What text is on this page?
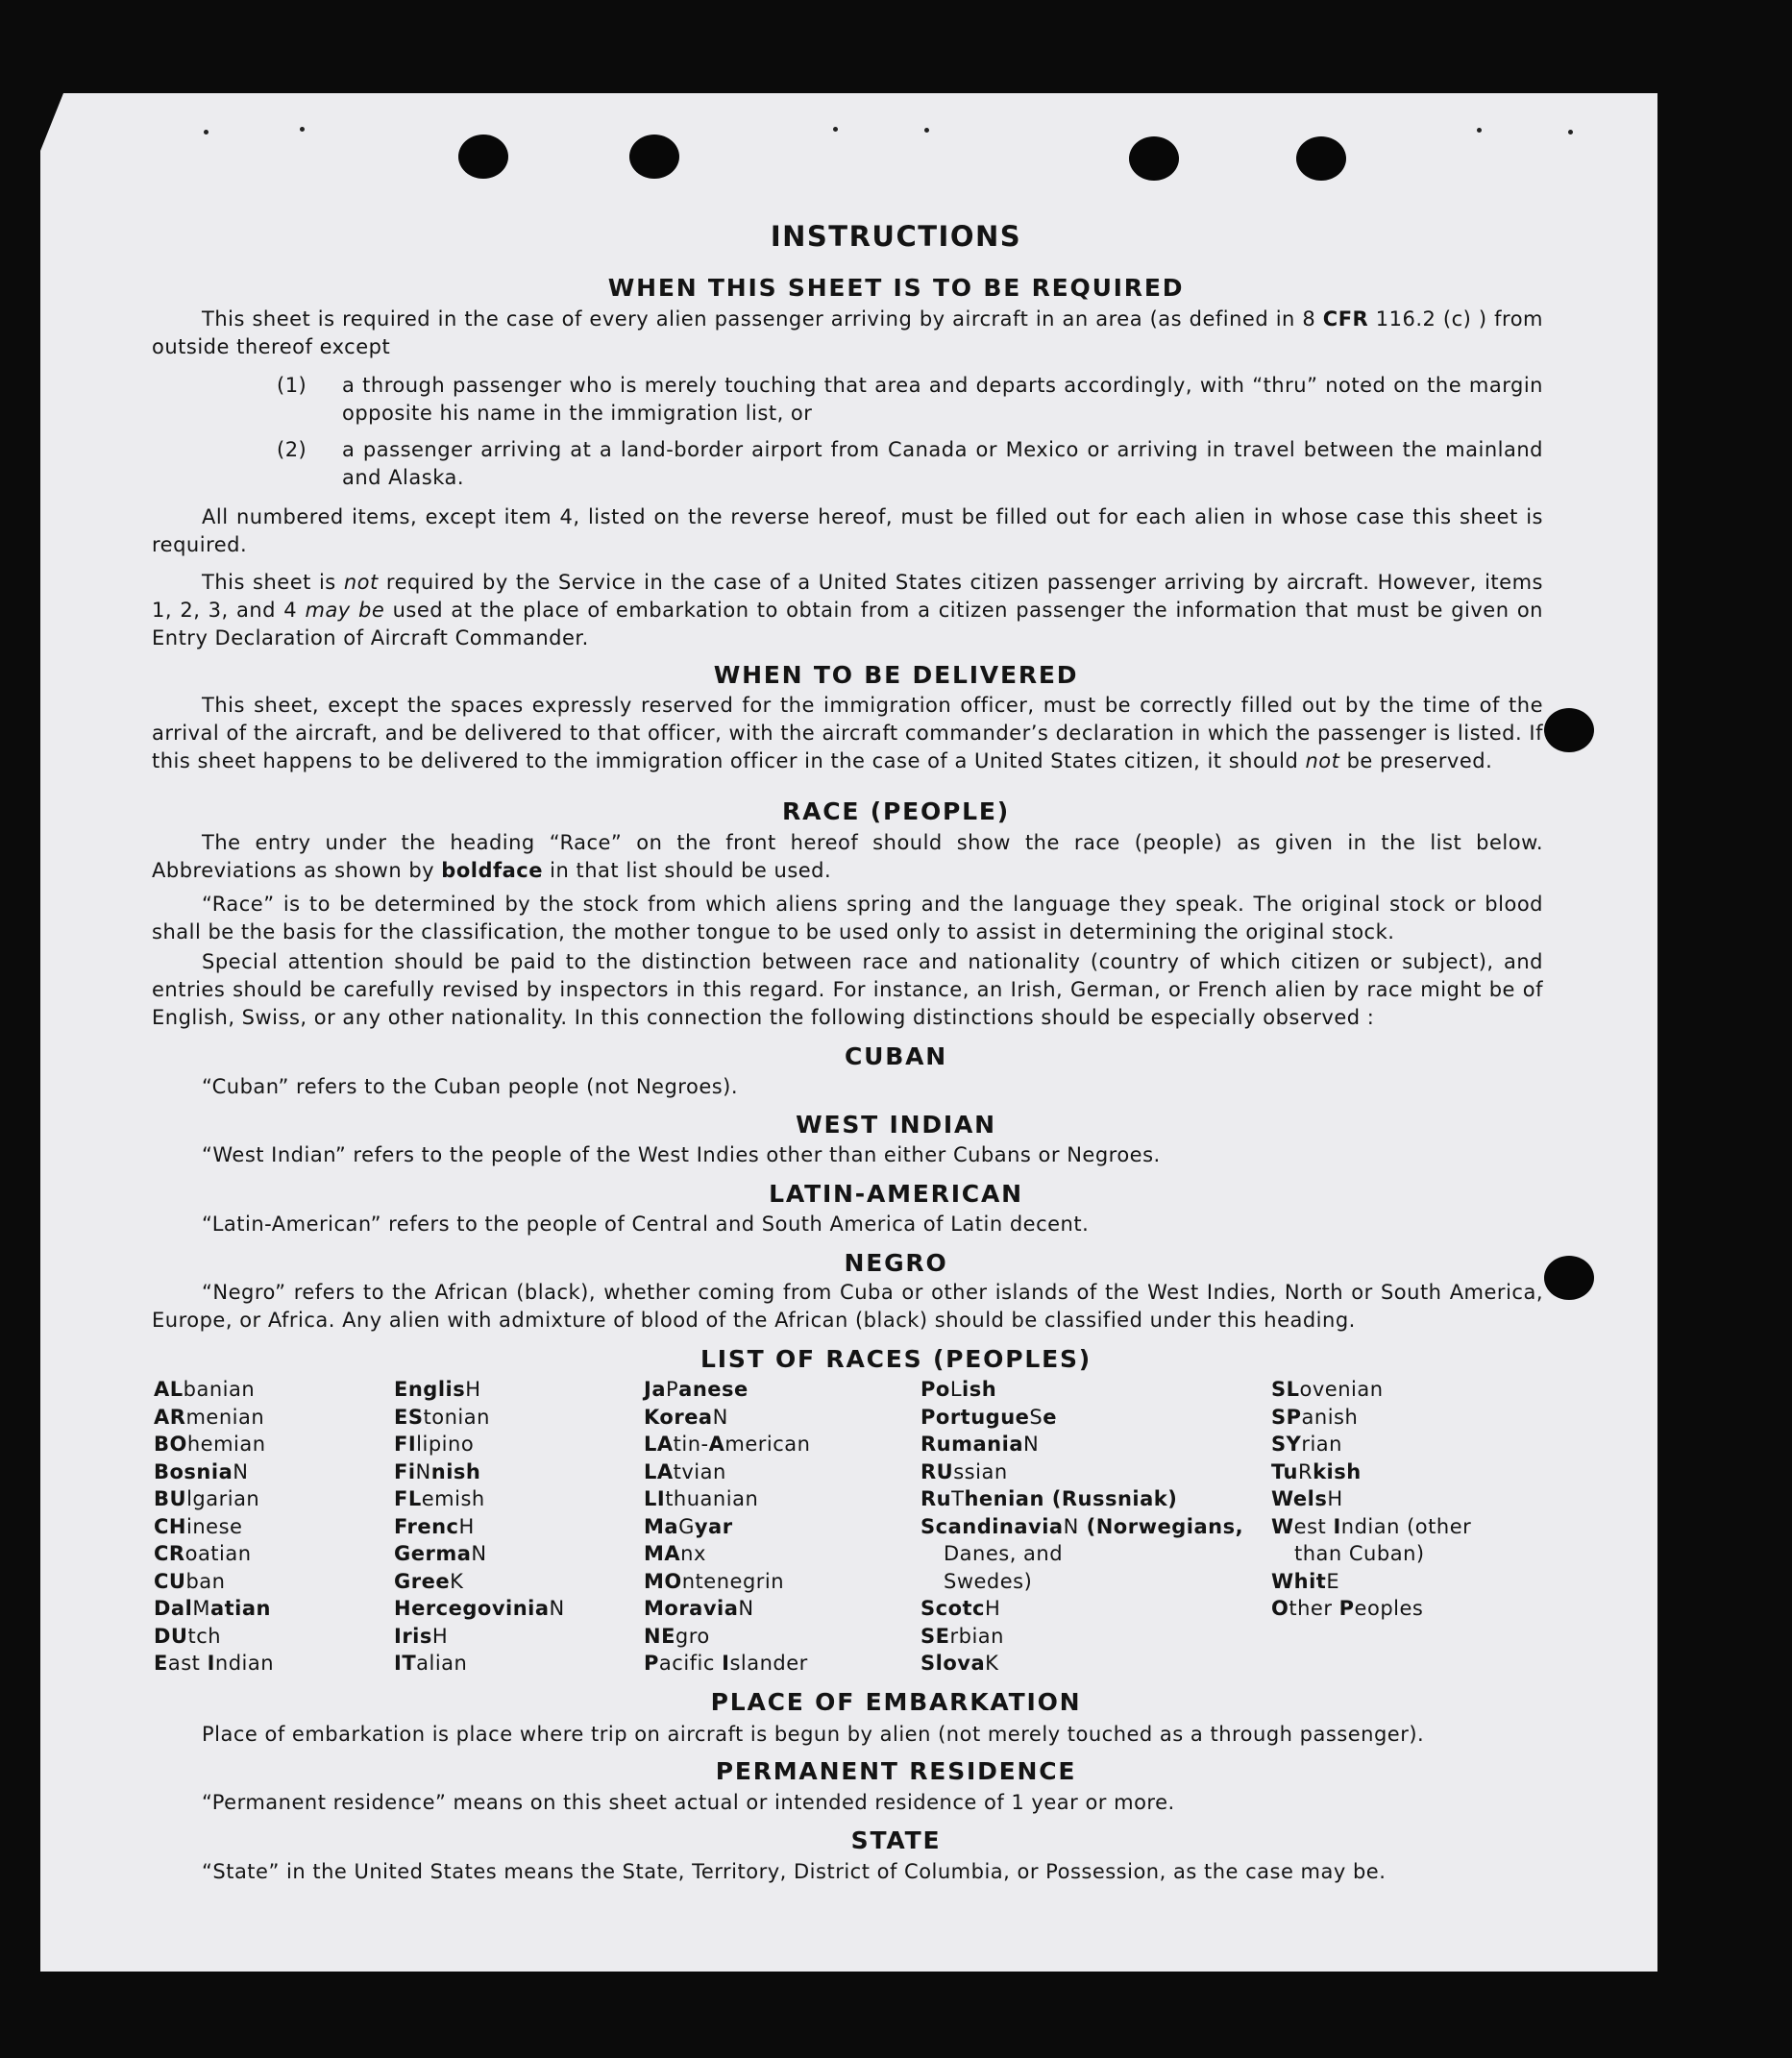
INSTRUCTIONS
WHEN THIS SHEET IS TO BE REQUIRED
This sheet is required in the case of every alien passenger arriving by aircraft in an area (as defined in 8 CFR 116.2 (c) ) from outside thereof except
(1) a through passenger who is merely touching that area and departs accordingly, with “thru” noted on the margin opposite his name in the immigration list, or
(2) a passenger arriving at a land-border airport from Canada or Mexico or arriving in travel between the mainland and Alaska.
All numbered items, except item 4, listed on the reverse hereof, must be filled out for each alien in whose case this sheet is required.
This sheet is not required by the Service in the case of a United States citizen passenger arriving by aircraft. However, items 1, 2, 3, and 4 may be used at the place of embarkation to obtain from a citizen passenger the information that must be given on Entry Declaration of Aircraft Commander.
WHEN TO BE DELIVERED
This sheet, except the spaces expressly reserved for the immigration officer, must be correctly filled out by the time of the arrival of the aircraft, and be delivered to that officer, with the aircraft commander’s declaration in which the passenger is listed. If this sheet happens to be delivered to the immigration officer in the case of a United States citizen, it should not be preserved.
RACE (PEOPLE)
The entry under the heading “Race” on the front hereof should show the race (people) as given in the list below. Abbreviations as shown by boldface in that list should be used.
“Race” is to be determined by the stock from which aliens spring and the language they speak. The original stock or blood shall be the basis for the classification, the mother tongue to be used only to assist in determining the original stock.
Special attention should be paid to the distinction between race and nationality (country of which citizen or subject), and entries should be carefully revised by inspectors in this regard. For instance, an Irish, German, or French alien by race might be of English, Swiss, or any other nationality. In this connection the following distinctions should be especially observed :
CUBAN
“Cuban” refers to the Cuban people (not Negroes).
WEST INDIAN
“West Indian” refers to the people of the West Indies other than either Cubans or Negroes.
LATIN-AMERICAN
“Latin-American” refers to the people of Central and South America of Latin decent.
NEGRO
“Negro” refers to the African (black), whether coming from Cuba or other islands of the West Indies, North or South America, Europe, or Africa. Any alien with admixture of blood of the African (black) should be classified under this heading.
LIST OF RACES (PEOPLES)
ALbanian
ARmenian
BOhemian
BosniaN
BUlgarian
CHinese
CRoatian
CUban
DalMatian
DUtch
East Indian
EnglisH
EStonian
FIlipino
FiNnish
FLemish
FrencH
GermaN
GreeK
HercegoviniaN
IrisH
ITalian
JaPanese
KoreaN
LAtin-American
LAtvian
LIthuanian
MaGyar
MAnx
MOntenegrin
MoraviaN
NEgro
Pacific Islander
PoLish
PortugueSe
RumaniaN
RUssian
RuThenian (Russniak)
ScandinaviaN (Norwegians,
Danes, and
Swedes)
ScotcH
SErbian
SlovaK
SLovenian
SPanish
SYrian
TuRkish
WelsH
West Indian (other
than Cuban)
WhitE
Other Peoples
PLACE OF EMBARKATION
Place of embarkation is place where trip on aircraft is begun by alien (not merely touched as a through passenger).
PERMANENT RESIDENCE
“Permanent residence” means on this sheet actual or intended residence of 1 year or more.
STATE
“State” in the United States means the State, Territory, District of Columbia, or Possession, as the case may be.
